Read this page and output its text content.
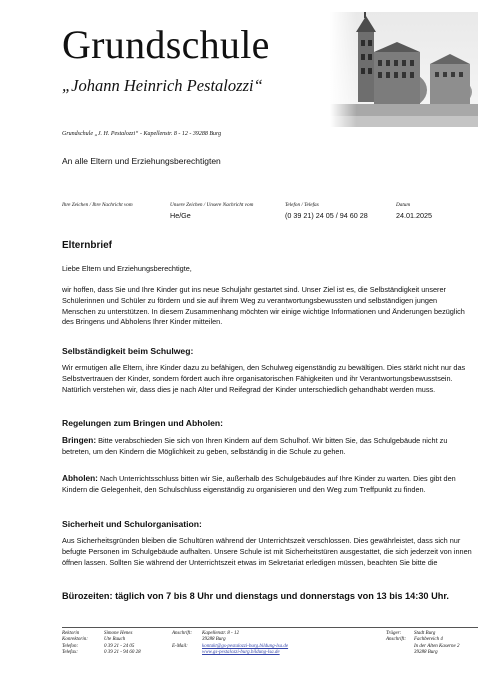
Grundschule
„Johann Heinrich Pestalozzi“
Grundschule „J. H. Pestalozzi“ - Kapellenstr. 8 - 12 - 39288 Burg
An alle Eltern und Erziehungsberechtigten
Ihre Zeichen / Ihre Nachricht vom	Unsere Zeichen / Unsere Nachricht vom
He/Ge
Telefon / Telefax
(0 39 21) 24 05 / 94 60 28
Datum
24.01.2025
Elternbrief
Liebe Eltern und Erziehungsberechtigte,
wir hoffen, dass Sie und Ihre Kinder gut ins neue Schuljahr gestartet sind. Unser Ziel ist es, die Selbständigkeit unserer Schülerinnen und Schüler zu fördern und sie auf ihrem Weg zu verantwortungsbewussten und selbständigen jungen Menschen zu unterstützen. In diesem Zusammenhang möchten wir einige wichtige Informationen und Änderungen bezüglich des Bringens und Abholens Ihrer Kinder mitteilen.
Selbständigkeit beim Schulweg:
Wir ermutigen alle Eltern, ihre Kinder dazu zu befähigen, den Schulweg eigenständig zu bewältigen. Dies stärkt nicht nur das Selbstvertrauen der Kinder, sondern fördert auch ihre organisatorischen Fähigkeiten und ihr Verantwortungsbewusstsein. Natürlich verstehen wir, dass dies je nach Alter und Reifegrad der Kinder unterschiedlich gehandhabt werden muss.
Regelungen zum Bringen und Abholen:
Bringen: Bitte verabschieden Sie sich von Ihren Kindern auf dem Schulhof. Wir bitten Sie, das Schulgebäude nicht zu betreten, um den Kindern die Möglichkeit zu geben, selbständig in die Schule zu gehen.
Abholen: Nach Unterrichtsschluss bitten wir Sie, außerhalb des Schulgebäudes auf Ihre Kinder zu warten. Dies gibt den Kindern die Gelegenheit, den Schulschluss eigenständig zu organisieren und den Weg zum Treffpunkt zu finden.
Sicherheit und Schulorganisation:
Aus Sicherheitsgründen bleiben die Schultüren während der Unterrichtszeit verschlossen. Dies gewährleistet, dass sich nur befugte Personen im Schulgebäude aufhalten. Unsere Schule ist mit Sicherheitstüren ausgestattet, die sich jederzeit von innen öffnen lassen. Sollten Sie während der Unterrichtszeit etwas im Sekretariat erledigen müssen, beachten Sie bitte die
Bürozeiten: täglich von 7 bis 8 Uhr und dienstags und donnerstags von 13 bis 14:30 Uhr.
Rektorin
Konrektorin:
Telefon:
Telefax:
Simone Henes
Ute Rauch
0 39 21 - 24 05
0 39 21 - 94 60 28
Anschrift:

E-Mail:
Kapellenstr. 8 - 12
39288 Burg
kontakt@gs-pestalozzi-burg.bildung-lsa.de
www.gs-pestalozzi-burg.bildung-lsa.de
Träger:
Anschrift:
Stadt Burg
Fachbereich 4
In der Alten Kaserne 2
39288 Burg
